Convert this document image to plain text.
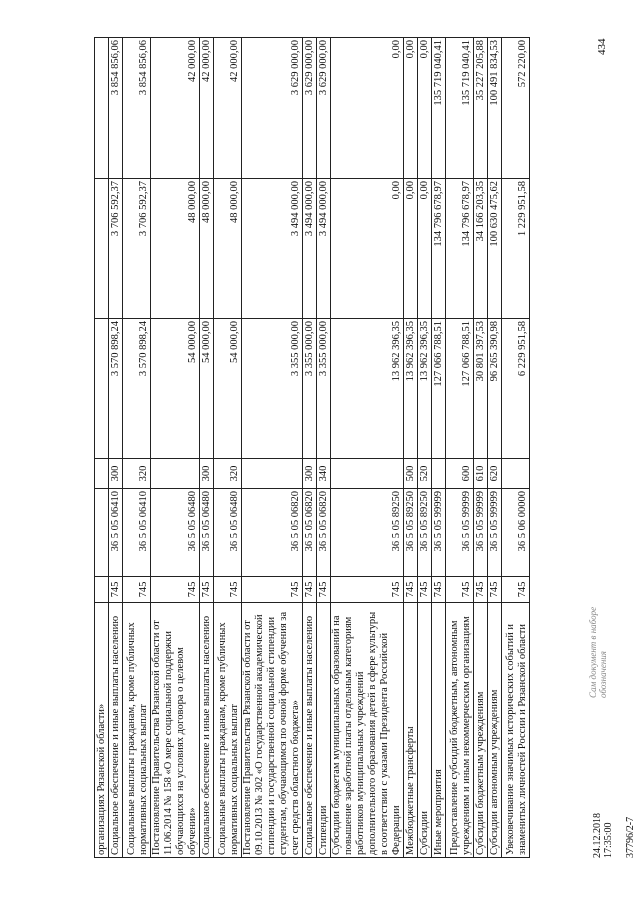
434
организациях Рязанской области»						
Социальное обеспечение и иные выплаты населению	745	36 5 05 06410	300	3 570 898,24	3 706 592,37	3 854 856,06
Социальные выплаты гражданам, кроме публичных нормативных социальных выплат	745	36 5 05 06410	320	3 570 898,24	3 706 592,37	3 854 856,06
Постановление Правительства Рязанской области от 11.06.2014 № 158 «О мере социальной поддержки обучающихся на условиях договора о целевом обучении»	745	36 5 05 06480		54 000,00	48 000,00	42 000,00
Социальное обеспечение и иные выплаты населению	745	36 5 05 06480	300	54 000,00	48 000,00	42 000,00
Социальные выплаты гражданам, кроме публичных нормативных социальных выплат	745	36 5 05 06480	320	54 000,00	48 000,00	42 000,00
Постановление Правительства Рязанской области от 09.10.2013 № 302 «О государственной академической стипендии и государственной социальной стипендии студентам, обучающимся по очной форме обучения за счет средств областного бюджета»	745	36 5 05 06820		3 355 000,00	3 494 000,00	3 629 000,00
Социальное обеспечение и иные выплаты населению	745	36 5 05 06820	300	3 355 000,00	3 494 000,00	3 629 000,00
Стипендии	745	36 5 05 06820	340	3 355 000,00	3 494 000,00	3 629 000,00
Субсидии бюджетам муниципальных образований на повышение заработной платы отдельным категориям работников муниципальных учреждений дополнительного образования детей в сфере культуры в соответствии с указами Президента Российской Федерации	745	36 5 05 89250		13 962 396,35	0,00	0,00
Межбюджетные трансферты	745	36 5 05 89250	500	13 962 396,35	0,00	0,00
Субсидии	745	36 5 05 89250	520	13 962 396,35	0,00	0,00
Иные мероприятия	745	36 5 05 99999		127 066 788,51	134 796 678,97	135 719 040,41
Предоставление субсидий бюджетным, автономным учреждениям и иным некоммерческим организациям	745	36 5 05 99999	600	127 066 788,51	134 796 678,97	135 719 040,41
Субсидии бюджетным учреждениям	745	36 5 05 99999	610	30 801 397,53	34 166 203,35	35 227 205,88
Субсидии автономным учреждениям	745	36 5 05 99999	620	96 265 390,98	100 630 475,62	100 491 834,53
Увековечивание значимых исторических событий и знаменитых личностей России и Рязанской области	745	36 5 06 00000		6 229 951,58	1 229 951,58	572 220,00
Сам документ в наборе обозначения
24.12.2018 17:35:00 37796/2-7
